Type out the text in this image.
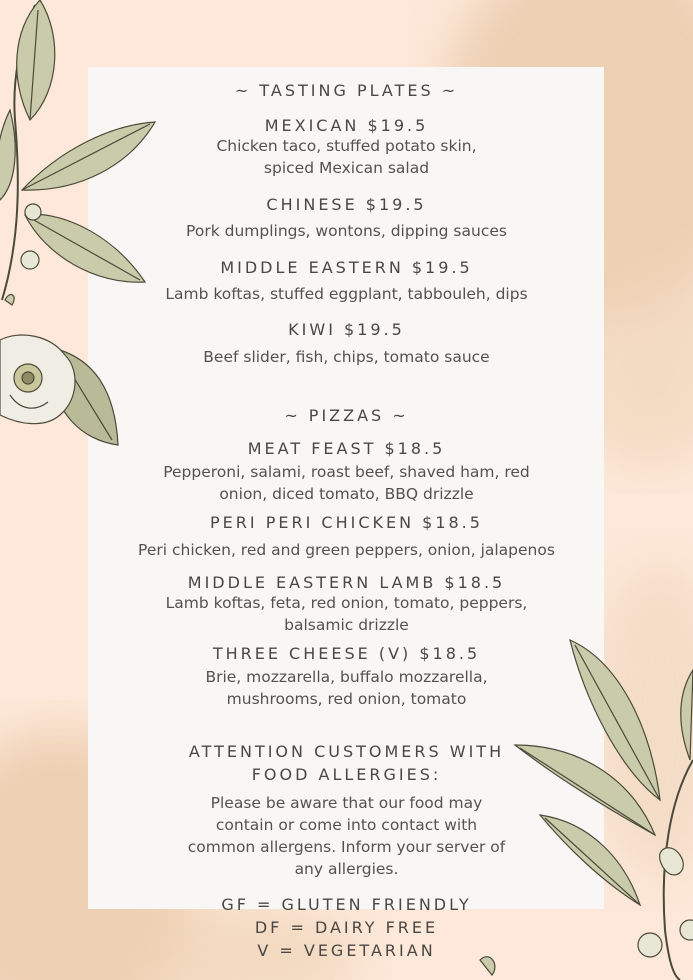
~ TASTING PLATES ~
MEXICAN $19.5
Chicken taco, stuffed potato skin,
spiced Mexican salad
CHINESE $19.5
Pork dumplings, wontons, dipping sauces
MIDDLE EASTERN $19.5
Lamb koftas, stuffed eggplant, tabbouleh, dips
KIWI $19.5
Beef slider, fish, chips, tomato sauce
~ PIZZAS ~
MEAT FEAST $18.5
Pepperoni, salami, roast beef, shaved ham, red
onion, diced tomato, BBQ drizzle
PERI PERI CHICKEN $18.5
Peri chicken, red and green peppers, onion, jalapenos
MIDDLE EASTERN LAMB $18.5
Lamb koftas, feta, red onion, tomato, peppers,
balsamic drizzle
THREE CHEESE (V) $18.5
Brie, mozzarella, buffalo mozzarella,
mushrooms, red onion, tomato
ATTENTION CUSTOMERS WITH
FOOD ALLERGIES:
Please be aware that our food may
contain or come into contact with
common allergens. Inform your server of
any allergies.
GF = GLUTEN FRIENDLY
DF = DAIRY FREE
V = VEGETARIAN
